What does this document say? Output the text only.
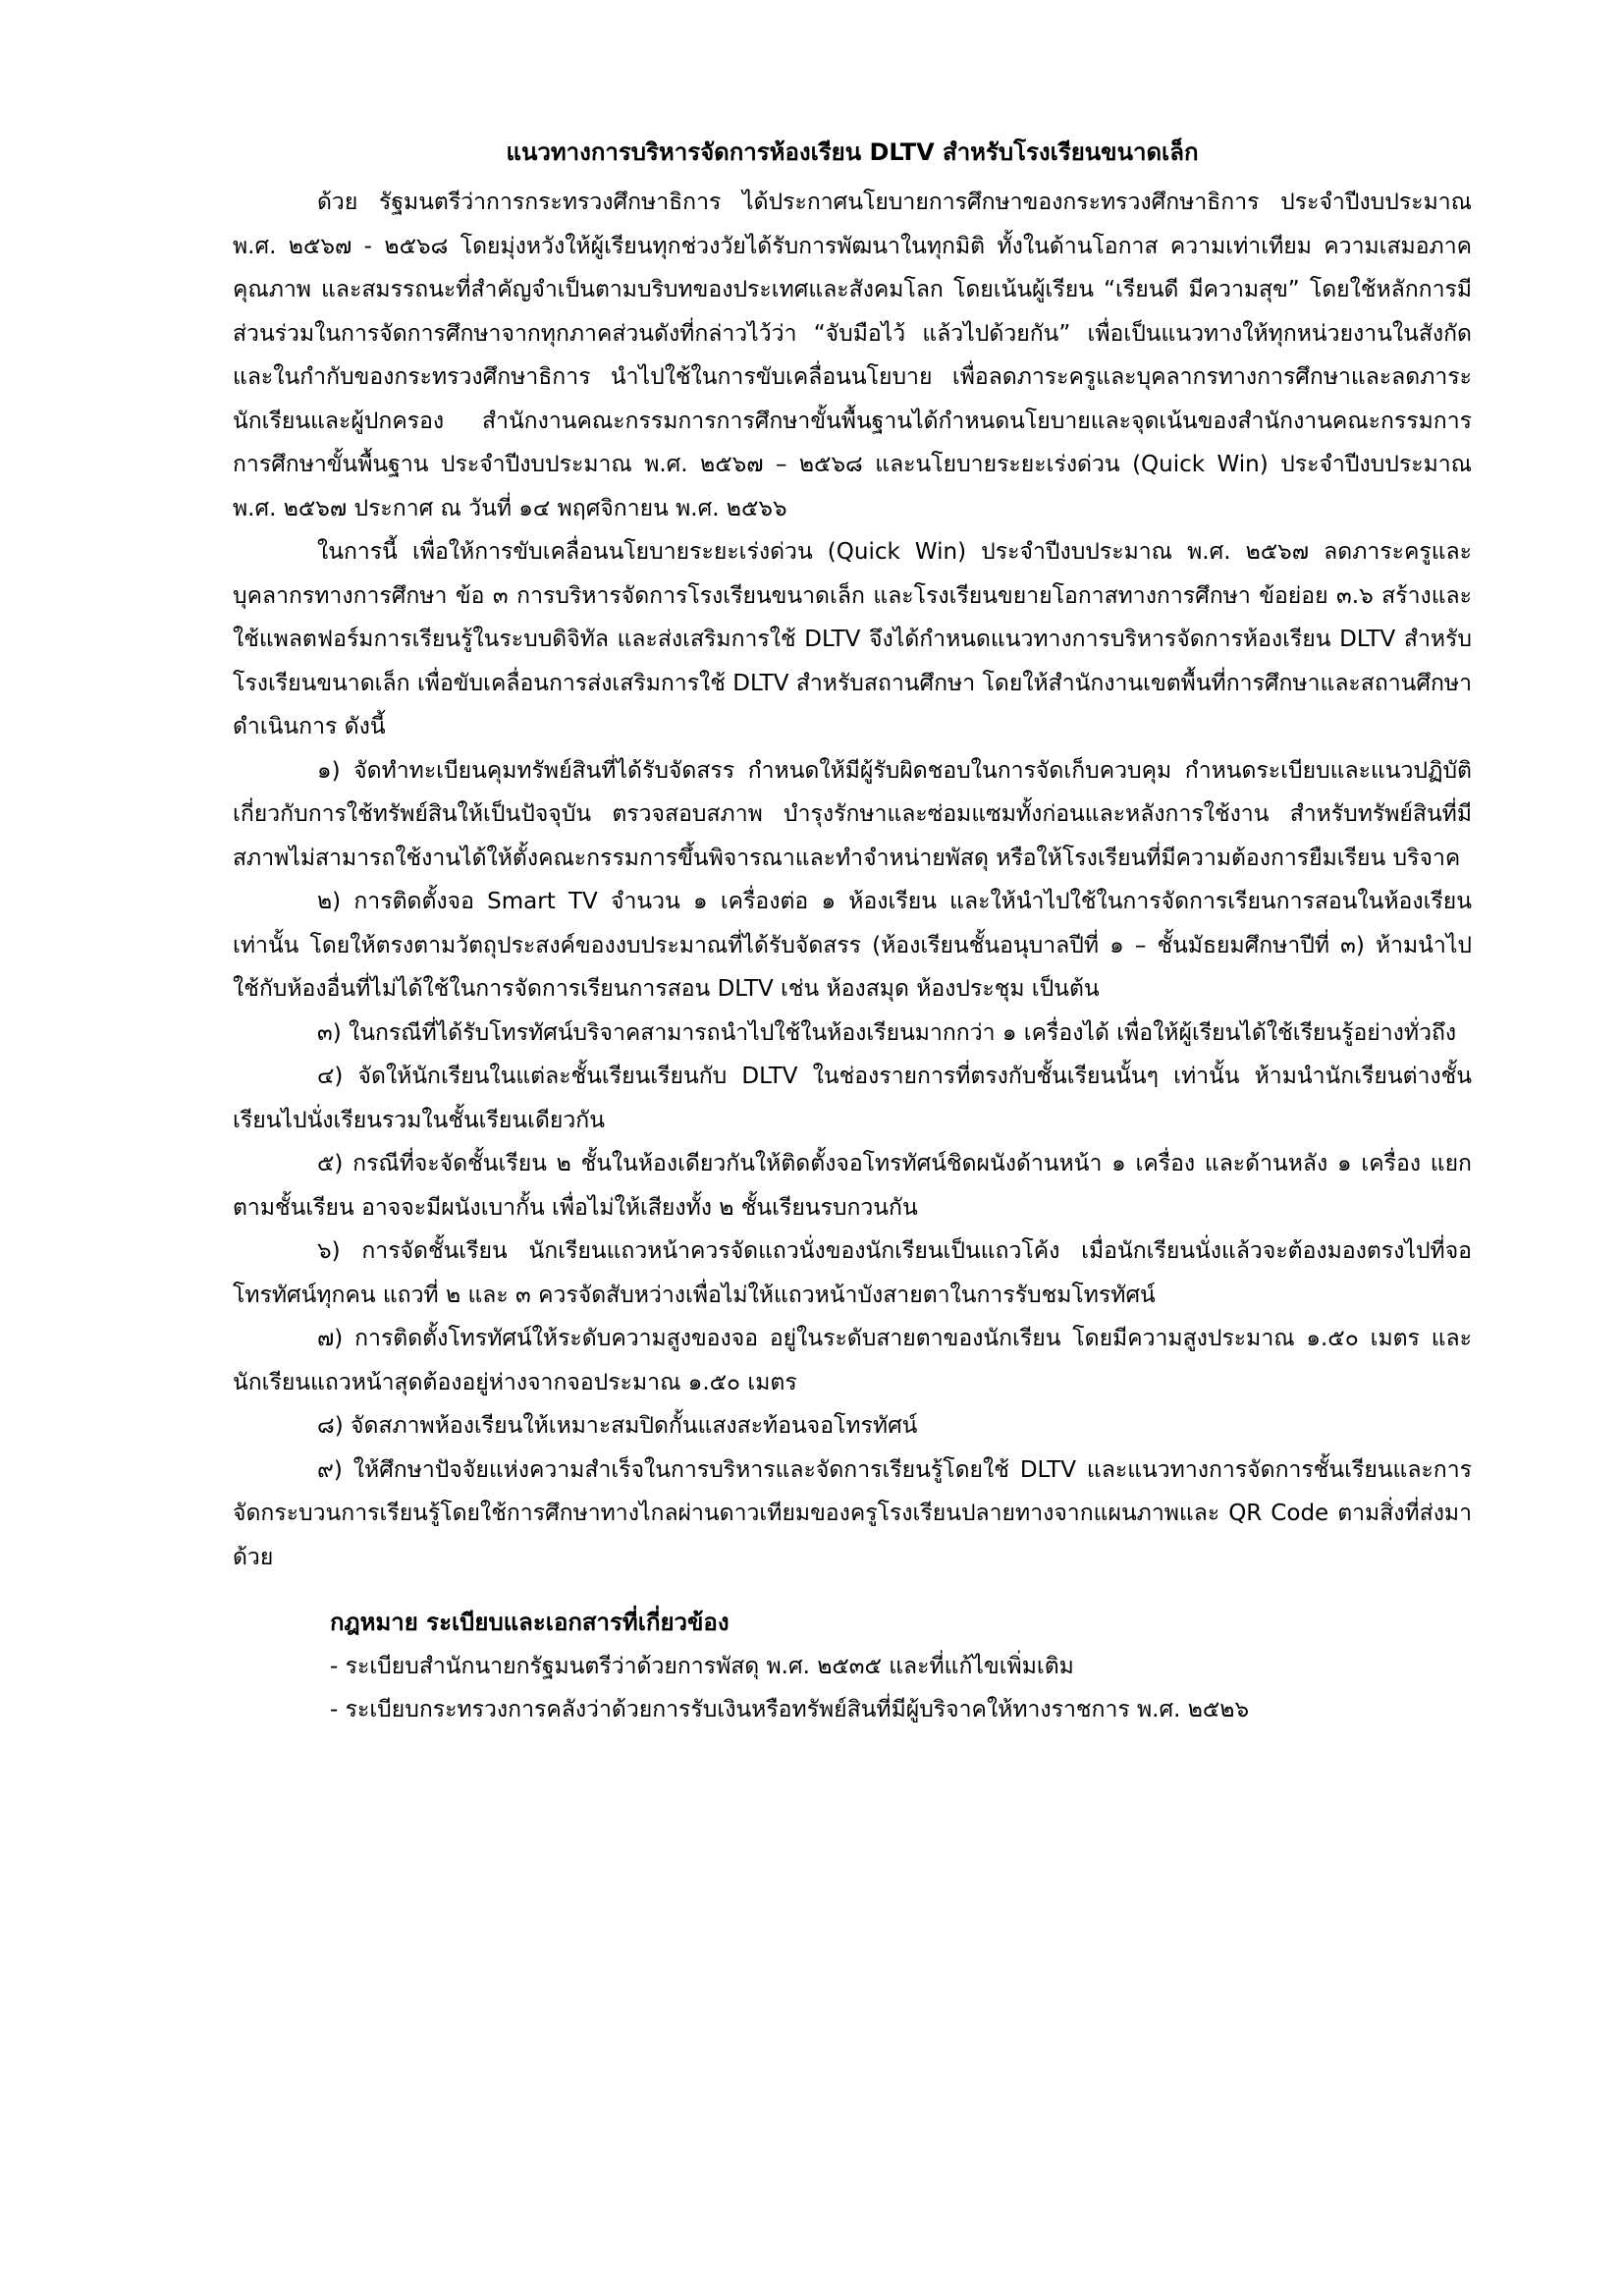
แนวทางการบริหารจัดการห้องเรียน DLTV สำหรับโรงเรียนขนาดเล็ก

ด้วย รัฐมนตรีว่าการกระทรวงศึกษาธิการ ได้ประกาศนโยบายการศึกษาของกระทรวงศึกษาธิการ ประจำปีงบประมาณ พ.ศ. ๒๕๖๗ - ๒๕๖๘ โดยมุ่งหวังให้ผู้เรียนทุกช่วงวัยได้รับการพัฒนาในทุกมิติ ทั้งในด้านโอกาส ความเท่าเทียม ความเสมอภาค คุณภาพ และสมรรถนะที่สำคัญจำเป็นตามบริบทของประเทศและสังคมโลก โดยเน้นผู้เรียน “เรียนดี มีความสุข” โดยใช้หลักการมีส่วนร่วมในการจัดการศึกษาจากทุกภาคส่วนดังที่กล่าวไว้ว่า “จับมือไว้ แล้วไปด้วยกัน” เพื่อเป็นแนวทางให้ทุกหน่วยงานในสังกัดและในกำกับของกระทรวงศึกษาธิการ นำไปใช้ในการขับเคลื่อนนโยบาย เพื่อลดภาระครูและบุคลากรทางการศึกษาและลดภาระนักเรียนและผู้ปกครอง สำนักงานคณะกรรมการการศึกษาขั้นพื้นฐานได้กำหนดนโยบายและจุดเน้นของสำนักงานคณะกรรมการการศึกษาขั้นพื้นฐาน ประจำปีงบประมาณ พ.ศ. ๒๕๖๗ – ๒๕๖๘ และนโยบายระยะเร่งด่วน (Quick Win) ประจำปีงบประมาณ พ.ศ. ๒๕๖๗ ประกาศ ณ วันที่ ๑๔ พฤศจิกายน พ.ศ. ๒๕๖๖

ในการนี้ เพื่อให้การขับเคลื่อนนโยบายระยะเร่งด่วน (Quick Win) ประจำปีงบประมาณ พ.ศ. ๒๕๖๗ ลดภาระครูและบุคลากรทางการศึกษา ข้อ ๓ การบริหารจัดการโรงเรียนขนาดเล็ก และโรงเรียนขยายโอกาสทางการศึกษา ข้อย่อย ๓.๖ สร้างและใช้แพลตฟอร์มการเรียนรู้ในระบบดิจิทัล และส่งเสริมการใช้ DLTV จึงได้กำหนดแนวทางการบริหารจัดการห้องเรียน DLTV สำหรับโรงเรียนขนาดเล็ก เพื่อขับเคลื่อนการส่งเสริมการใช้ DLTV สำหรับสถานศึกษา โดยให้สำนักงานเขตพื้นที่การศึกษาและสถานศึกษาดำเนินการ ดังนี้

๑) จัดทำทะเบียนคุมทรัพย์สินที่ได้รับจัดสรร กำหนดให้มีผู้รับผิดชอบในการจัดเก็บควบคุม กำหนดระเบียบและแนวปฏิบัติเกี่ยวกับการใช้ทรัพย์สินให้เป็นปัจจุบัน ตรวจสอบสภาพ บำรุงรักษาและซ่อมแซมทั้งก่อนและหลังการใช้งาน สำหรับทรัพย์สินที่มีสภาพไม่สามารถใช้งานได้ให้ตั้งคณะกรรมการขึ้นพิจารณาและทำจำหน่ายพัสดุ หรือให้โรงเรียนที่มีความต้องการยืมเรียน บริจาค

๒) การติดตั้งจอ Smart TV จำนวน ๑ เครื่องต่อ ๑ ห้องเรียน และให้นำไปใช้ในการจัดการเรียนการสอนในห้องเรียนเท่านั้น โดยให้ตรงตามวัตถุประสงค์ของงบประมาณที่ได้รับจัดสรร (ห้องเรียนชั้นอนุบาลปีที่ ๑ – ชั้นมัธยมศึกษาปีที่ ๓) ห้ามนำไปใช้กับห้องอื่นที่ไม่ได้ใช้ในการจัดการเรียนการสอน DLTV เช่น ห้องสมุด ห้องประชุม เป็นต้น

๓) ในกรณีที่ได้รับโทรทัศน์บริจาคสามารถนำไปใช้ในห้องเรียนมากกว่า ๑ เครื่องได้ เพื่อให้ผู้เรียนได้ใช้เรียนรู้อย่างทั่วถึง

๔) จัดให้นักเรียนในแต่ละชั้นเรียนเรียนกับ DLTV ในช่องรายการที่ตรงกับชั้นเรียนนั้นๆ เท่านั้น ห้ามนำนักเรียนต่างชั้นเรียนไปนั่งเรียนรวมในชั้นเรียนเดียวกัน

๕) กรณีที่จะจัดชั้นเรียน ๒ ชั้นในห้องเดียวกันให้ติดตั้งจอโทรทัศน์ชิดผนังด้านหน้า ๑ เครื่อง และด้านหลัง ๑ เครื่อง แยกตามชั้นเรียน อาจจะมีผนังเบากั้น เพื่อไม่ให้เสียงทั้ง ๒ ชั้นเรียนรบกวนกัน

๖) การจัดชั้นเรียน นักเรียนแถวหน้าควรจัดแถวนั่งของนักเรียนเป็นแถวโค้ง เมื่อนักเรียนนั่งแล้วจะต้องมองตรงไปที่จอโทรทัศน์ทุกคน แถวที่ ๒ และ ๓ ควรจัดสับหว่างเพื่อไม่ให้แถวหน้าบังสายตาในการรับชมโทรทัศน์

๗) การติดตั้งโทรทัศน์ให้ระดับความสูงของจอ อยู่ในระดับสายตาของนักเรียน โดยมีความสูงประมาณ ๑.๕๐ เมตร และนักเรียนแถวหน้าสุดต้องอยู่ห่างจากจอประมาณ ๑.๕๐ เมตร

๘) จัดสภาพห้องเรียนให้เหมาะสมปิดกั้นแสงสะท้อนจอโทรทัศน์

๙) ให้ศึกษาปัจจัยแห่งความสำเร็จในการบริหารและจัดการเรียนรู้โดยใช้ DLTV และแนวทางการจัดการชั้นเรียนและการจัดกระบวนการเรียนรู้โดยใช้การศึกษาทางไกลผ่านดาวเทียมของครูโรงเรียนปลายทางจากแผนภาพและ QR Code ตามสิ่งที่ส่งมาด้วย

กฎหมาย ระเบียบและเอกสารที่เกี่ยวข้อง

- ระเบียบสำนักนายกรัฐมนตรีว่าด้วยการพัสดุ พ.ศ. ๒๕๓๕ และที่แก้ไขเพิ่มเติม

- ระเบียบกระทรวงการคลังว่าด้วยการรับเงินหรือทรัพย์สินที่มีผู้บริจาคให้ทางราชการ พ.ศ. ๒๕๒๖
